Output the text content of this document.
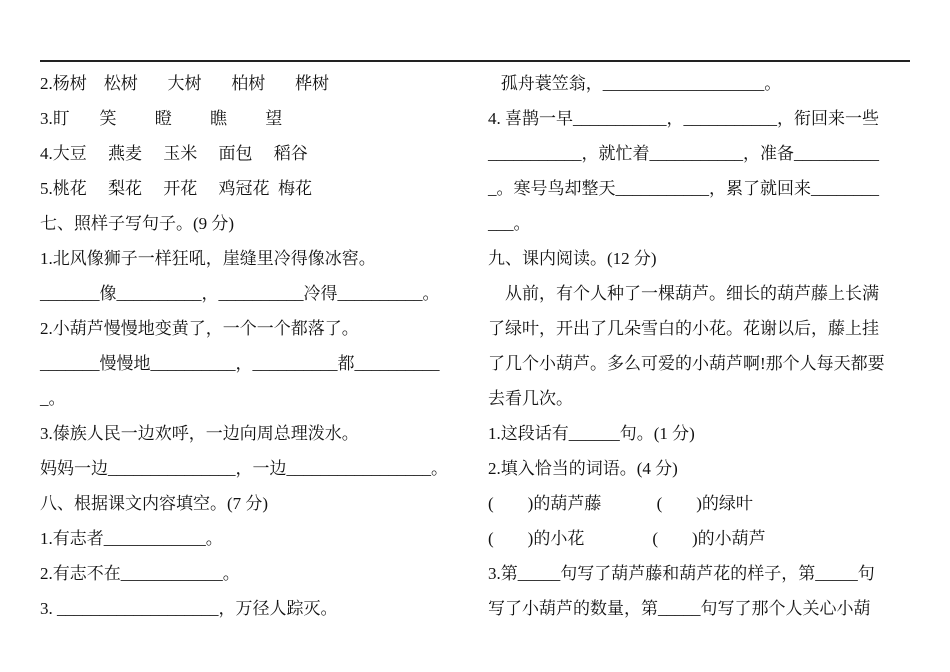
2.杨树    松树       大树       柏树       桦树
3.盯       笑         瞪         瞧         望
4.大豆     燕麦     玉米     面包     稻谷
5.桃花     梨花     开花     鸡冠花  梅花
七、照样子写句子。(9 分)
1.北风像狮子一样狂吼，崖缝里冷得像冰窖。
_______像__________，__________冷得__________。
2.小葫芦慢慢地变黄了，一个一个都落了。
_______慢慢地__________，__________都__________
_。
3.傣族人民一边欢呼，一边向周总理泼水。
妈妈一边_______________，一边_________________。
八、根据课文内容填空。(7 分)
1.有志者____________。
2.有志不在____________。
3. ___________________，万径人踪灭。
孤舟蓑笠翁，___________________。
4. 喜鹊一早___________，___________，衔回来一些
___________，就忙着___________，准备__________
_。寒号鸟却整天___________，累了就回来________
___。
九、课内阅读。(12 分)
从前，有个人种了一棵葫芦。细长的葫芦藤上长满
了绿叶，开出了几朵雪白的小花。花谢以后，藤上挂
了几个小葫芦。多么可爱的小葫芦啊!那个人每天都要
去看几次。
1.这段话有______句。(1 分)
2.填入恰当的词语。(4 分)
(        )的葫芦藤             (        )的绿叶
(        )的小花                (        )的小葫芦
3.第_____句写了葫芦藤和葫芦花的样子，第_____句
写了小葫芦的数量，第_____句写了那个人关心小葫
